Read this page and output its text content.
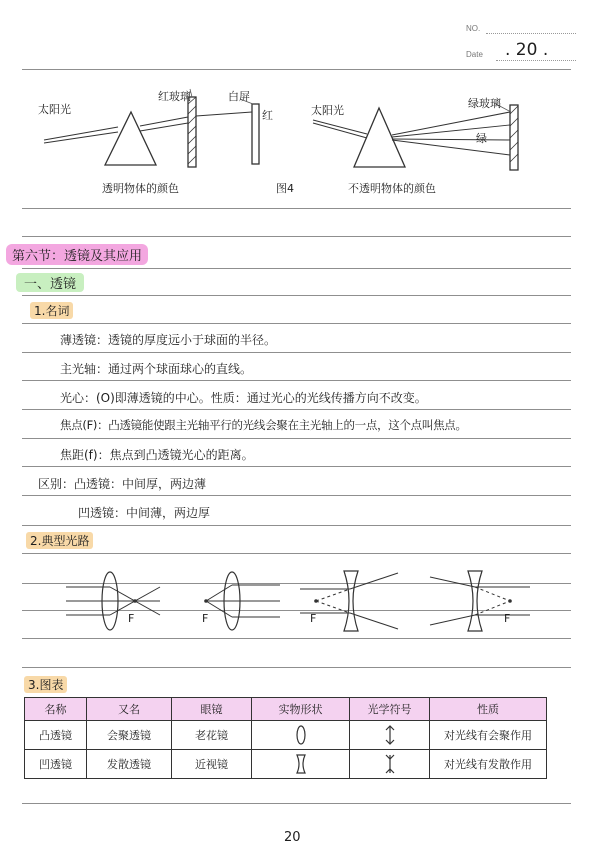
NO.
Date . 20 .
太阳光
红玻璃	白屏
红
透明物体的颜色	图4
太阳光
绿玻璃
绿
不透明物体的颜色
第六节：透镜及其应用
一、透镜
1.名词
薄透镜：透镜的厚度远小于球面的半径。
主光轴：通过两个球面球心的直线。
光心：(O)即薄透镜的中心。性质：通过光心的光线传播方向不改变。
焦点(F)：凸透镜能使跟主光轴平行的光线会聚在主光轴上的一点，这个点叫焦点。
焦距(f)：焦点到凸透镜光心的距离。
区别：凸透镜：中间厚，两边薄
凹透镜：中间薄，两边厚
2.典型光路
F	F	F	F
3.图表
名称	又名	眼镜	实物形状	光学符号	性质
凸透镜	会聚透镜	老花镜			对光线有会聚作用
凹透镜	发散透镜	近视镜			对光线有发散作用
20
